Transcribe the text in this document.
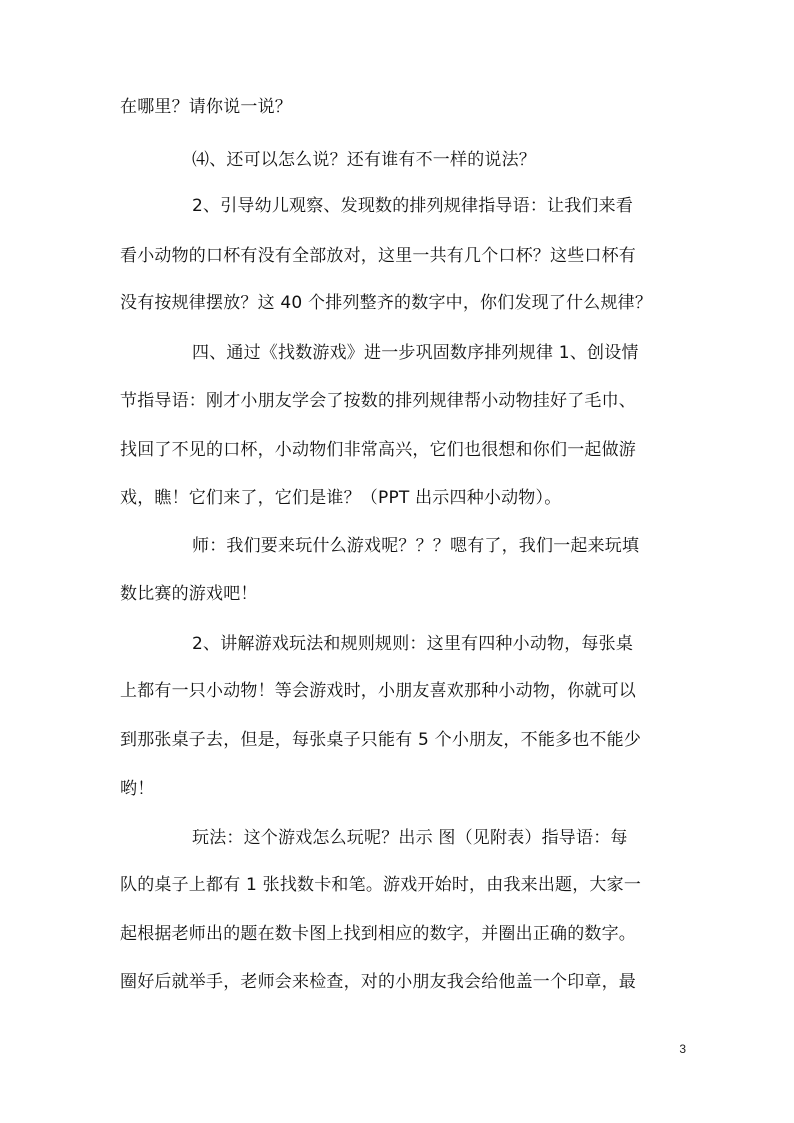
在哪里？请你说一说？
⑷、还可以怎么说？还有谁有不一样的说法？
2、引导幼儿观察、发现数的排列规律指导语：让我们来看
看小动物的口杯有没有全部放对，这里一共有几个口杯？这些口杯有
没有按规律摆放？这 40 个排列整齐的数字中，你们发现了什么规律？
四、通过《找数游戏》进一步巩固数序排列规律 1、创设情
节指导语：刚才小朋友学会了按数的排列规律帮小动物挂好了毛巾、
找回了不见的口杯，小动物们非常高兴，它们也很想和你们一起做游
戏，瞧！它们来了，它们是谁？（PPT 出示四种小动物）。
师：我们要来玩什么游戏呢？？？嗯有了，我们一起来玩填
数比赛的游戏吧！
2、讲解游戏玩法和规则规则：这里有四种小动物，每张桌
上都有一只小动物！等会游戏时，小朋友喜欢那种小动物，你就可以
到那张桌子去，但是，每张桌子只能有 5 个小朋友，不能多也不能少
哟！
玩法：这个游戏怎么玩呢？出示 图（见附表）指导语：每
队的桌子上都有 1 张找数卡和笔。游戏开始时，由我来出题，大家一
起根据老师出的题在数卡图上找到相应的数字，并圈出正确的数字。
圈好后就举手，老师会来检查，对的小朋友我会给他盖一个印章，最
3
